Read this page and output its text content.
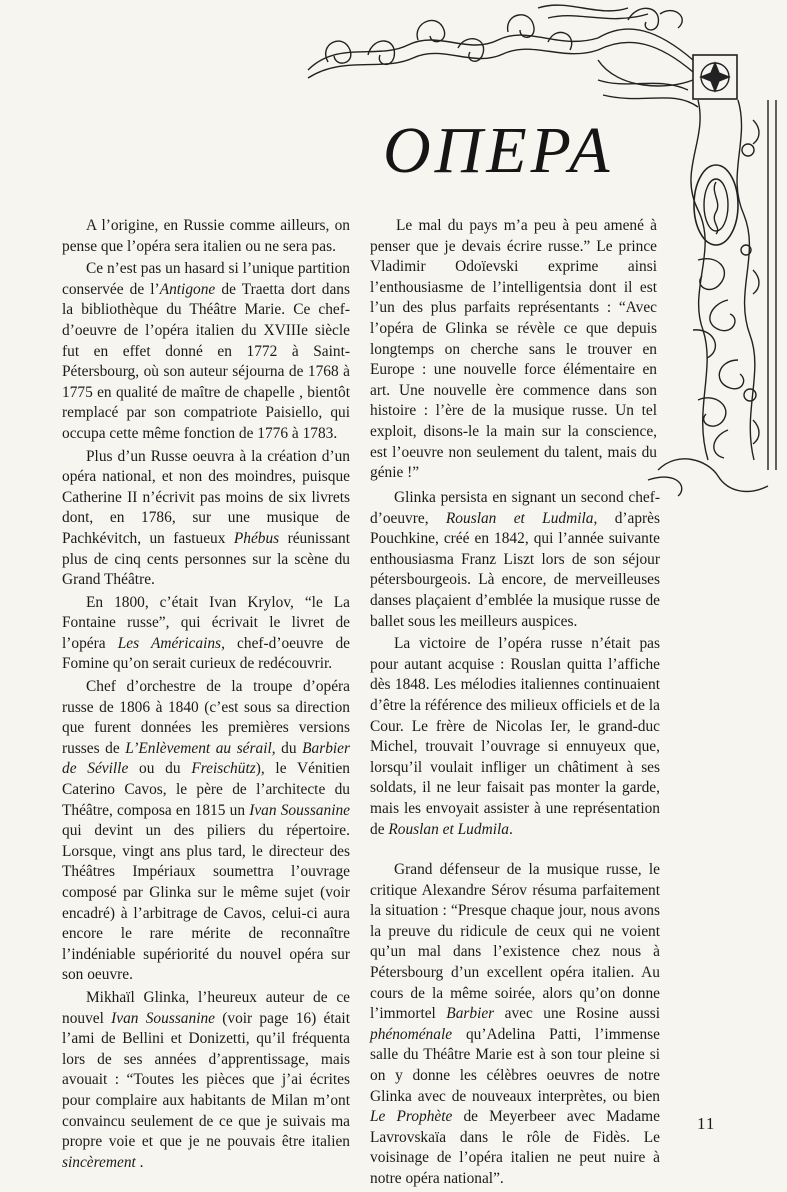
ОПЕРА

A l’origine, en Russie comme ailleurs, on pense que l’opéra sera italien ou ne sera pas.

Ce n’est pas un hasard si l’unique partition conservée de l’Antigone de Traetta dort dans la bibliothèque du Théâtre Marie. Ce chef-d’oeuvre de l’opéra italien du XVIIIe siècle fut en effet donné en 1772 à Saint-Pétersbourg, où son auteur séjourna de 1768 à 1775 en qualité de maître de chapelle , bientôt remplacé par son compatriote Paisiello, qui occupa cette même fonction de 1776 à 1783.

Plus d’un Russe oeuvra à la création d’un opéra national, et non des moindres, puisque Catherine II n’écrivit pas moins de six livrets dont, en 1786, sur une musique de Pachkévitch, un fastueux Phébus réunissant plus de cinq cents personnes sur la scène du Grand Théâtre.

En 1800, c’était Ivan Krylov, “le La Fontaine russe”, qui écrivait le livret de l’opéra Les Américains, chef-d’oeuvre de Fomine qu’on serait curieux de redécouvrir.

Chef d’orchestre de la troupe d’opéra russe de 1806 à 1840 (c’est sous sa direction que furent données les premières versions russes de L’Enlèvement au sérail, du Barbier de Séville ou du Freischütz), le Vénitien Caterino Cavos, le père de l’architecte du Théâtre, composa en 1815 un Ivan Soussanine qui devint un des piliers du répertoire. Lorsque, vingt ans plus tard, le directeur des Théâtres Impériaux soumettra l’ouvrage composé par Glinka sur le même sujet (voir encadré) à l’arbitrage de Cavos, celui-ci aura encore le rare mérite de reconnaître l’indéniable supériorité du nouvel opéra sur son oeuvre.

Mikhaïl Glinka, l’heureux auteur de ce nouvel Ivan Soussanine (voir page 16) était l’ami de Bellini et Donizetti, qu’il fréquenta lors de ses années d’apprentissage, mais avouait : “Toutes les pièces que j’ai écrites pour complaire aux habitants de Milan m’ont convaincu seulement de ce que je suivais ma propre voie et que je ne pouvais être italien sincèrement .

Le mal du pays m’a peu à peu amené à penser que je devais écrire russe.” Le prince Vladimir Odoïevski exprime ainsi l’enthousiasme de l’intelligentsia dont il est l’un des plus parfaits représentants : “Avec l’opéra de Glinka se révèle ce que depuis longtemps on cherche sans le trouver en Europe : une nouvelle force élémentaire en art. Une nouvelle ère commence dans son histoire : l’ère de la musique russe. Un tel exploit, disons-le la main sur la conscience, est l’oeuvre non seulement du talent, mais du génie !”

Glinka persista en signant un second chef-d’oeuvre, Rouslan et Ludmila, d’après Pouchkine, créé en 1842, qui l’année suivante enthousiasma Franz Liszt lors de son séjour pétersbourgeois. Là encore, de merveilleuses danses plaçaient d’emblée la musique russe de ballet sous les meilleurs auspices.

La victoire de l’opéra russe n’était pas pour autant acquise : Rouslan quitta l’affiche dès 1848. Les mélodies italiennes continuaient d’être la référence des milieux officiels et de la Cour. Le frère de Nicolas Ier, le grand-duc Michel, trouvait l’ouvrage si ennuyeux que, lorsqu’il voulait infliger un châtiment à ses soldats, il ne leur faisait pas monter la garde, mais les envoyait assister à une représentation de Rouslan et Ludmila.

Grand défenseur de la musique russe, le critique Alexandre Sérov résuma parfaitement la situation : “Presque chaque jour, nous avons la preuve du ridicule de ceux qui ne voient qu’un mal dans l’existence chez nous à Pétersbourg d’un excellent opéra italien. Au cours de la même soirée, alors qu’on donne l’immortel Barbier avec une Rosine aussi phénoménale qu’Adelina Patti, l’immense salle du Théâtre Marie est à son tour pleine si on y donne les célèbres oeuvres de notre Glinka avec de nouveaux interprètes, ou bien Le Prophète de Meyerbeer avec Madame Lavrovskaïa dans le rôle de Fidès. Le voisinage de l’opéra italien ne peut nuire à notre opéra national”.

11
